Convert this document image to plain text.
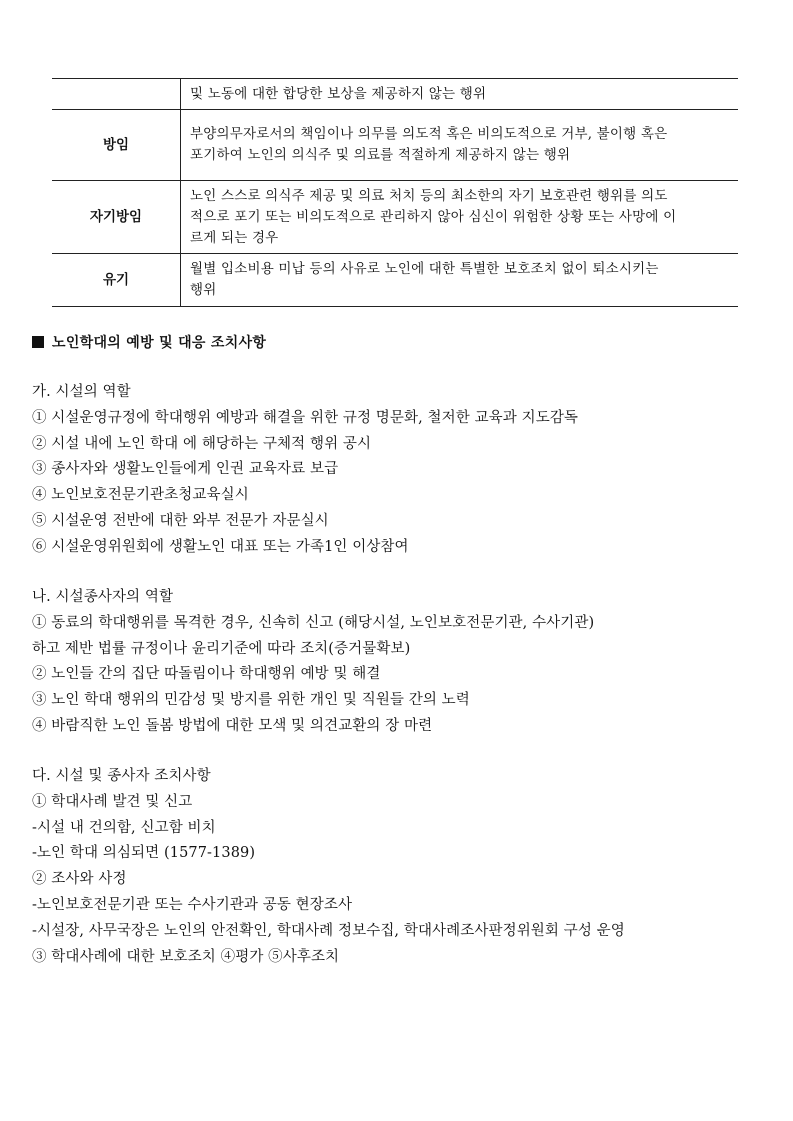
	및 노동에 대한 합당한 보상을 제공하지 않는 행위

방임	부양의무자로서의 책임이나 의무를 의도적 혹은 비의도적으로 거부, 불이행 혹은
포기하여 노인의 의식주 및 의료를 적절하게 제공하지 않는 행위

자기방임	노인 스스로 의식주 제공 및 의료 처치 등의 최소한의 자기 보호관련 행위를 의도
적으로 포기 또는 비의도적으로 관리하지 않아 심신이 위험한 상황 또는 사망에 이
르게 되는 경우

유기	월별 입소비용 미납 등의 사유로 노인에 대한 특별한 보호조치 없이 퇴소시키는
행위
노인학대의 예방 및 대응 조치사항
가. 시설의 역할
① 시설운영규정에 학대행위 예방과 해결을 위한 규정 명문화, 철저한 교육과 지도감독
② 시설 내에 노인 학대 에 해당하는 구체적 행위 공시
③ 종사자와 생활노인들에게 인권 교육자료 보급
④ 노인보호전문기관초청교육실시
⑤ 시설운영 전반에 대한 와부 전문가 자문실시
⑥ 시설운영위원회에 생활노인 대표 또는 가족1인 이상참여
나. 시설종사자의 역할
① 동료의 학대행위를 목격한 경우, 신속히 신고 (해당시설, 노인보호전문기관, 수사기관)
하고 제반 법률 규정이나 윤리기준에 따라 조치(증거물확보)
② 노인들 간의 집단 따돌림이나 학대행위 예방 및 해결
③ 노인 학대 행위의 민감성 및 방지를 위한 개인 및 직원들 간의 노력
④ 바람직한 노인 돌봄 방법에 대한 모색 및 의견교환의 장 마련
다. 시설 및 종사자 조치사항
① 학대사례 발견 및 신고
-시설 내 건의함, 신고함 비치
-노인 학대 의심되면 (1577-1389)
② 조사와 사정
-노인보호전문기관 또는 수사기관과 공동 현장조사
-시설장, 사무국장은 노인의 안전확인, 학대사례 정보수집, 학대사례조사판정위원회 구성 운영
③ 학대사례에 대한 보호조치 ④평가 ⑤사후조치
